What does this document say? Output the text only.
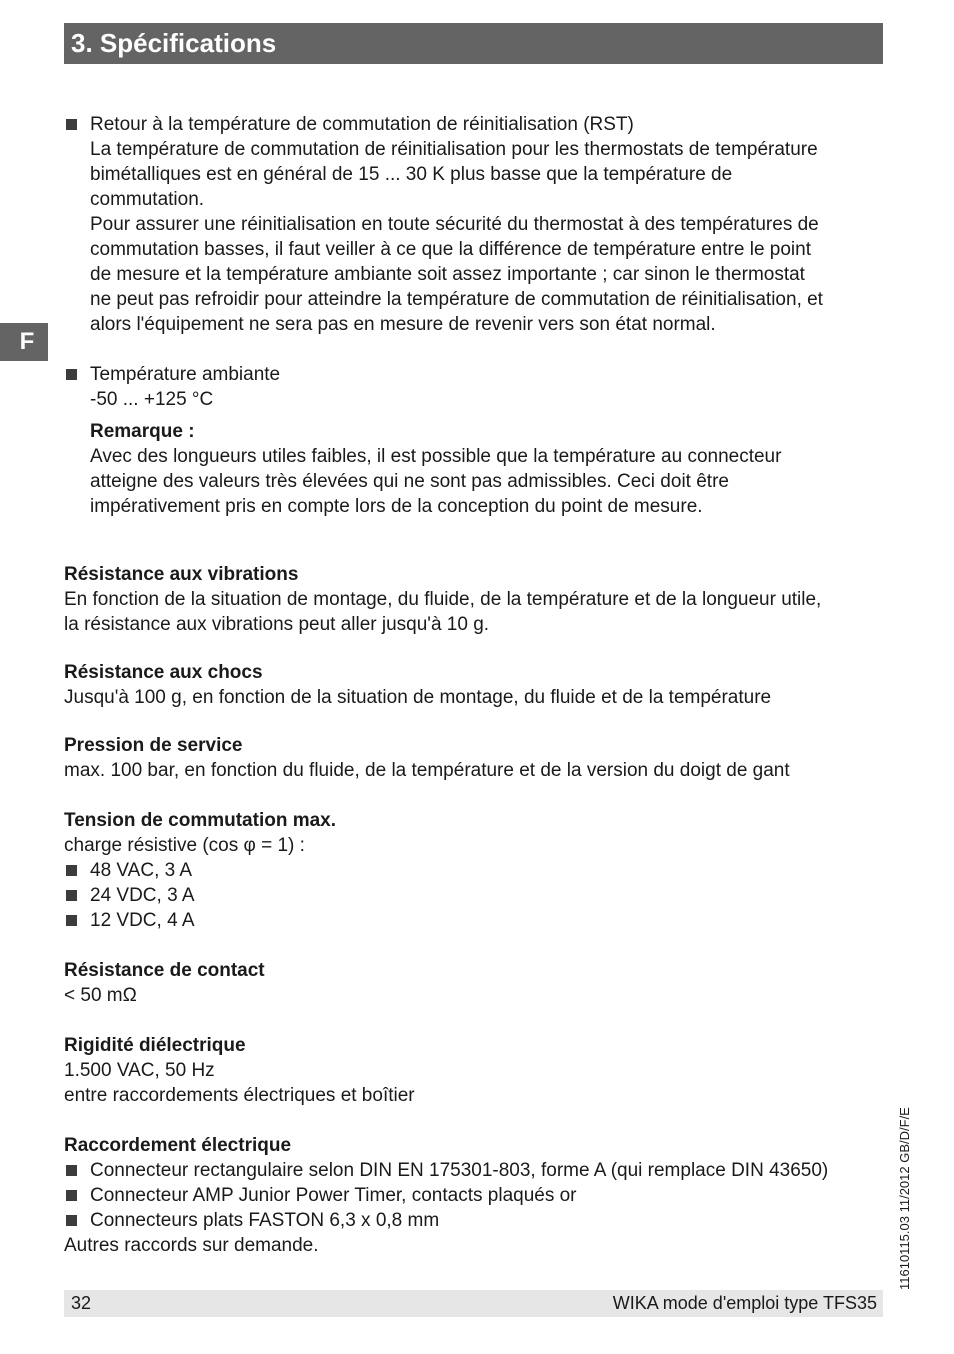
3. Spécifications
F
Retour à la température de commutation de réinitialisation (RST)
La température de commutation de réinitialisation pour les thermostats de température
bimétalliques est en général de 15 ... 30 K plus basse que la température de
commutation.
Pour assurer une réinitialisation en toute sécurité du thermostat à des températures de
commutation basses, il faut veiller à ce que la différence de température entre le point
de mesure et la température ambiante soit assez importante ; car sinon le thermostat
ne peut pas refroidir pour atteindre la température de commutation de réinitialisation, et
alors l'équipement ne sera pas en mesure de revenir vers son état normal.
Température ambiante
-50 ... +125 °C
Remarque :
Avec des longueurs utiles faibles, il est possible que la température au connecteur
atteigne des valeurs très élevées qui ne sont pas admissibles. Ceci doit être
impérativement pris en compte lors de la conception du point de mesure.
Résistance aux vibrations
En fonction de la situation de montage, du fluide, de la température et de la longueur utile,
la résistance aux vibrations peut aller jusqu'à 10 g.
Résistance aux chocs
Jusqu'à 100 g, en fonction de la situation de montage, du fluide et de la température
Pression de service
max. 100 bar, en fonction du fluide, de la température et de la version du doigt de gant
Tension de commutation max.
charge résistive (cos φ = 1) :
48 VAC, 3 A
24 VDC, 3 A
12 VDC, 4 A
Résistance de contact
< 50 mΩ
Rigidité diélectrique
1.500 VAC, 50 Hz
entre raccordements électriques et boîtier
Raccordement électrique
Connecteur rectangulaire selon DIN EN 175301-803, forme A (qui remplace DIN 43650)
Connecteur AMP Junior Power Timer, contacts plaqués or
Connecteurs plats FASTON 6,3 x 0,8 mm
Autres raccords sur demande.	11610115.03 11/2012 GB/D/F/E
32	WIKA mode d'emploi type TFS35
